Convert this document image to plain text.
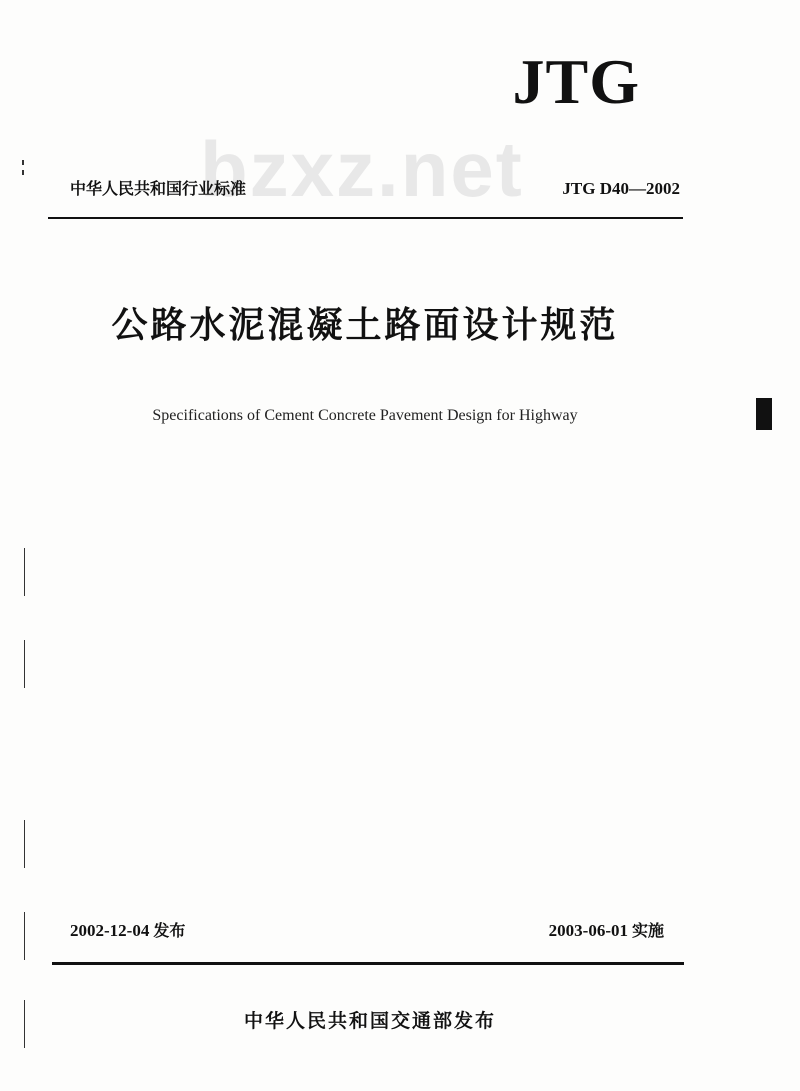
JTG
bzxz.net
中华人民共和国行业标准	JTG D40—2002
公路水泥混凝土路面设计规范
Specifications of Cement Concrete Pavement Design for Highway
2002-12-04 发布	2003-06-01 实施
中华人民共和国交通部发布
